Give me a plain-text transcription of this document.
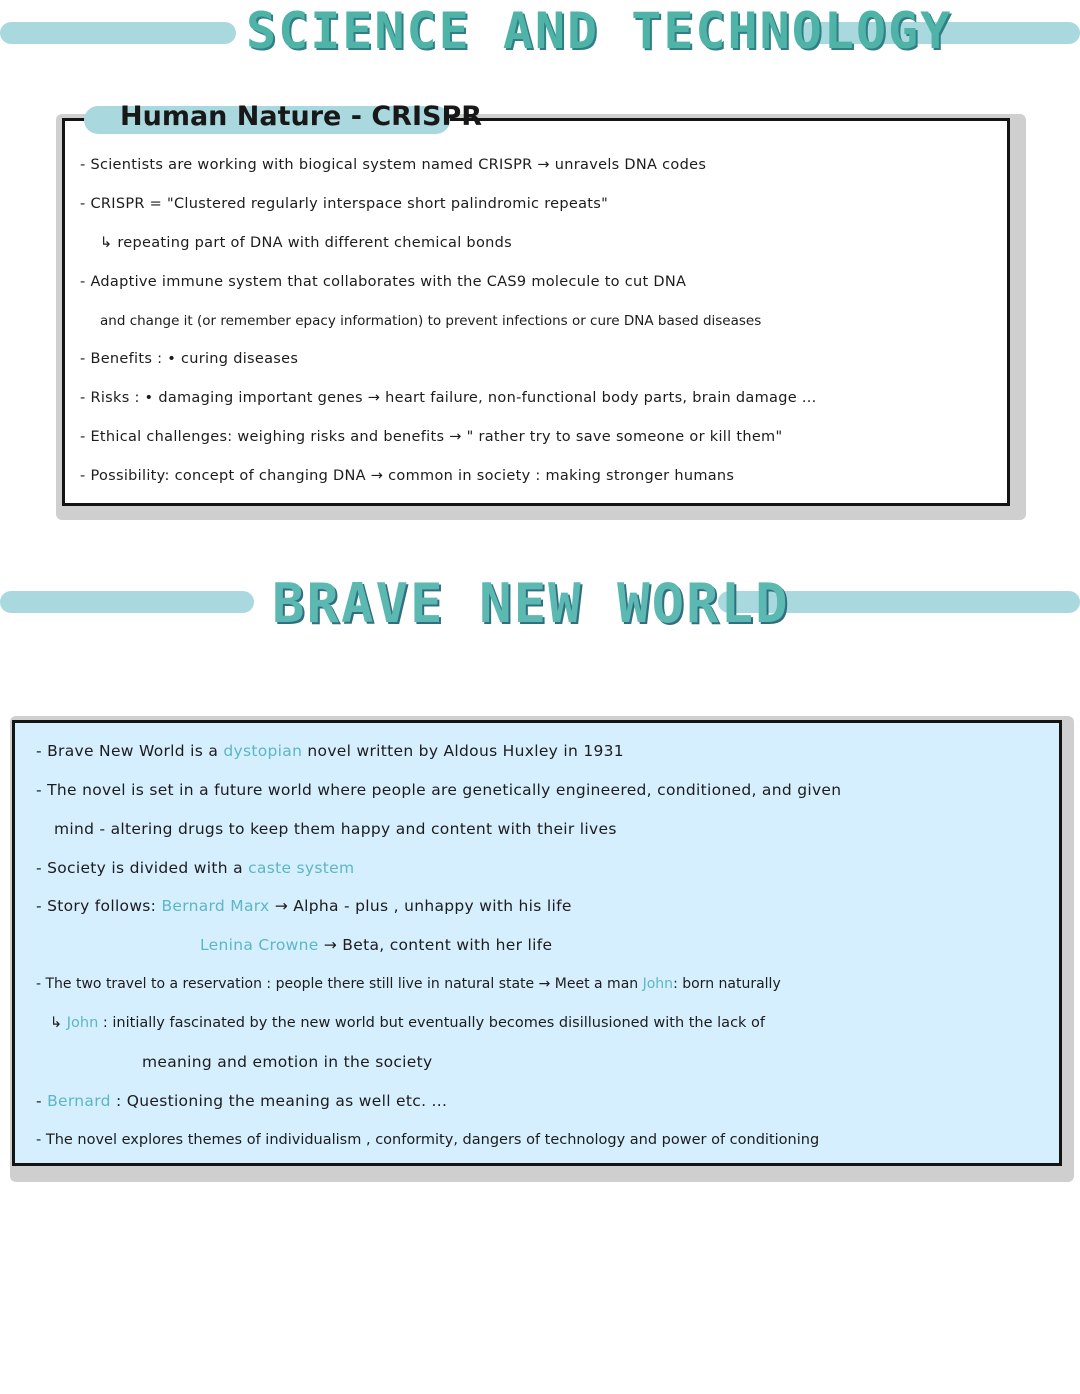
SCIENCE AND TECHNOLOGY
Human Nature - CRISPR

- Scientists are working with biogical system named CRISPR → unravels DNA codes

- CRISPR = "Clustered regularly interspace short palindromic repeats"

↳ repeating part of DNA with different chemical bonds

- Adaptive immune system that collaborates with the CAS9 molecule to cut DNA

and change it (or remember epacy information) to prevent infections or cure DNA based diseases

- Benefits : • curing diseases

- Risks : • damaging important genes → heart failure, non-functional body parts, brain damage ...

- Ethical challenges: weighing risks and benefits → " rather try to save someone or kill them"

- Possibility: concept of changing DNA → common in society : making stronger humans

BRAVE NEW WORLD

- Brave New World is a dystopian novel written by Aldous Huxley in 1931

- The novel is set in a future world where people are genetically engineered, conditioned, and given

mind - altering drugs to keep them happy and content with their lives

- Society is divided with a caste system

- Story follows: Bernard Marx → Alpha - plus , unhappy with his life

Lenina Crowne → Beta, content with her life

- The two travel to a reservation : people there still live in natural state → Meet a man John: born naturally

↳ John : initially fascinated by the new world but eventually becomes disillusioned with the lack of

meaning and emotion in the society

- Bernard : Questioning the meaning as well etc. ...

- The novel explores themes of individualism , conformity, dangers of technology and power of conditioning
